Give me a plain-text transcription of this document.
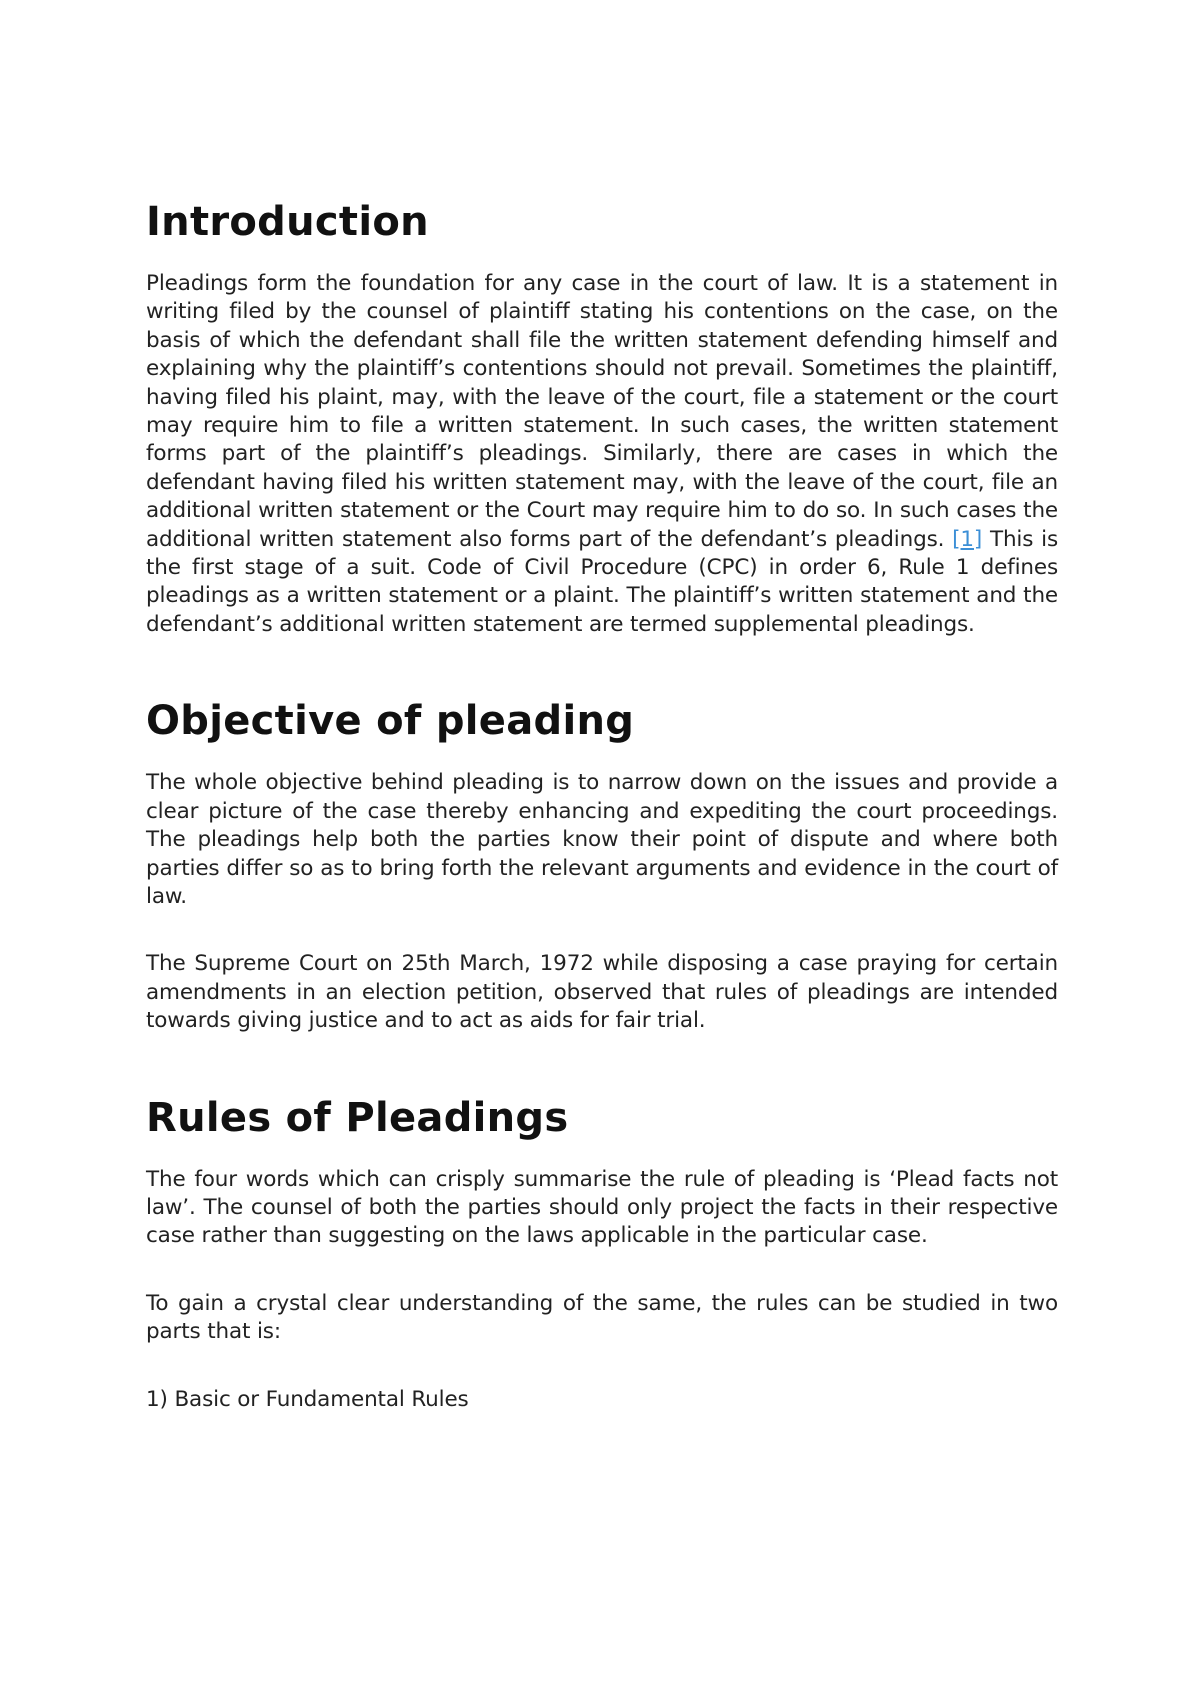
Introduction

Pleadings form the foundation for any case in the court of law. It is a statement in writing filed by the counsel of plaintiff stating his contentions on the case, on the basis of which the defendant shall file the written statement defending himself and explaining why the plaintiff’s contentions should not prevail. Sometimes the plaintiff, having filed his plaint, may, with the leave of the court, file a statement or the court may require him to file a written statement. In such cases, the written statement forms part of the plaintiff’s pleadings. Similarly, there are cases in which the defendant having filed his written statement may, with the leave of the court, file an additional written statement or the Court may require him to do so. In such cases the additional written statement also forms part of the defendant’s pleadings. [1] This is the first stage of a suit. Code of Civil Procedure (CPC) in order 6, Rule 1 defines pleadings as a written statement or a plaint. The plaintiff’s written statement and the defendant’s additional written statement are termed supplemental pleadings.

Objective of pleading

The whole objective behind pleading is to narrow down on the issues and provide a clear picture of the case thereby enhancing and expediting the court proceedings. The pleadings help both the parties know their point of dispute and where both parties differ so as to bring forth the relevant arguments and evidence in the court of law.

The Supreme Court on 25th March, 1972 while disposing a case praying for certain amendments in an election petition, observed that rules of pleadings are intended towards giving justice and to act as aids for fair trial.

Rules of Pleadings

The four words which can crisply summarise the rule of pleading is ‘Plead facts not law’. The counsel of both the parties should only project the facts in their respective case rather than suggesting on the laws applicable in the particular case.

To gain a crystal clear understanding of the same, the rules can be studied in two parts that is:

1) Basic or Fundamental Rules
